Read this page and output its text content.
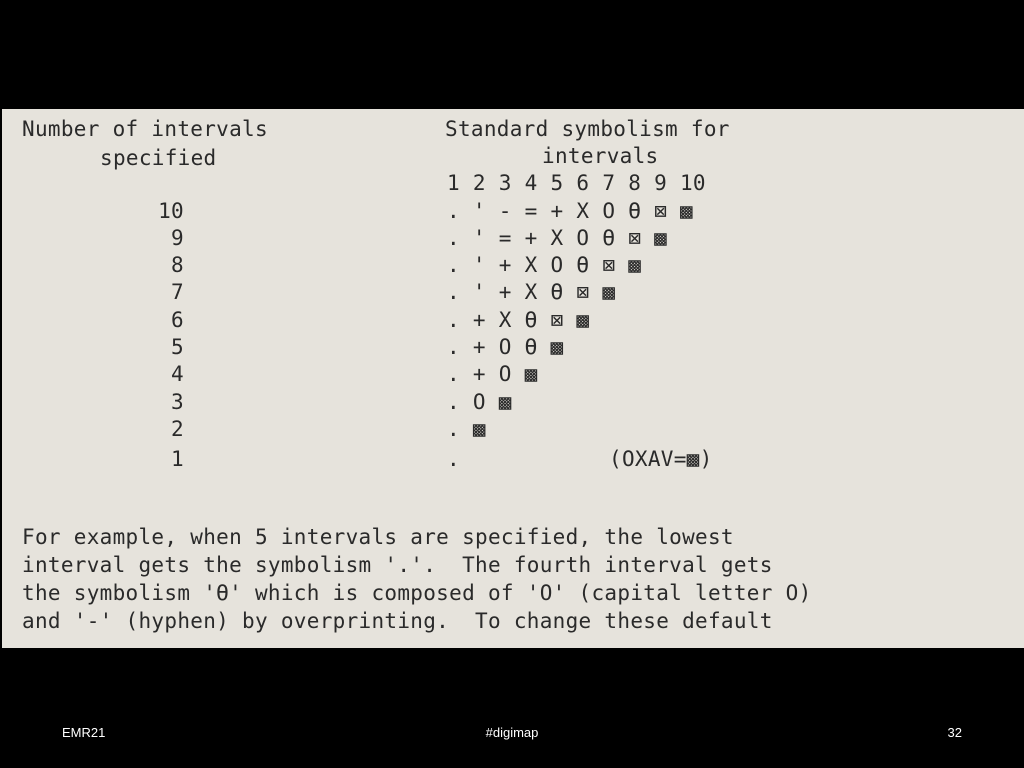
Number of intervals
specified
Standard symbolism for
intervals
1 2 3 4 5 6 7 8 9 10
10	. ' - = + X O ϴ ⊠ ▩
9	. ' = + X O ϴ ⊠ ▩
8	. ' + X O ϴ ⊠ ▩
7	. ' + X ϴ ⊠ ▩
6	. + X ϴ ⊠ ▩
5	. + O ϴ ▩
4	. + O ▩
3	. O ▩
2	. ▩
1	.	(OXAV=▩)
For example, when 5 intervals are specified, the lowest
interval gets the symbolism '.'.  The fourth interval gets
the symbolism 'ϴ' which is composed of 'O' (capital letter O)
and '-' (hyphen) by overprinting.  To change these default
EMR21	#digimap	32
